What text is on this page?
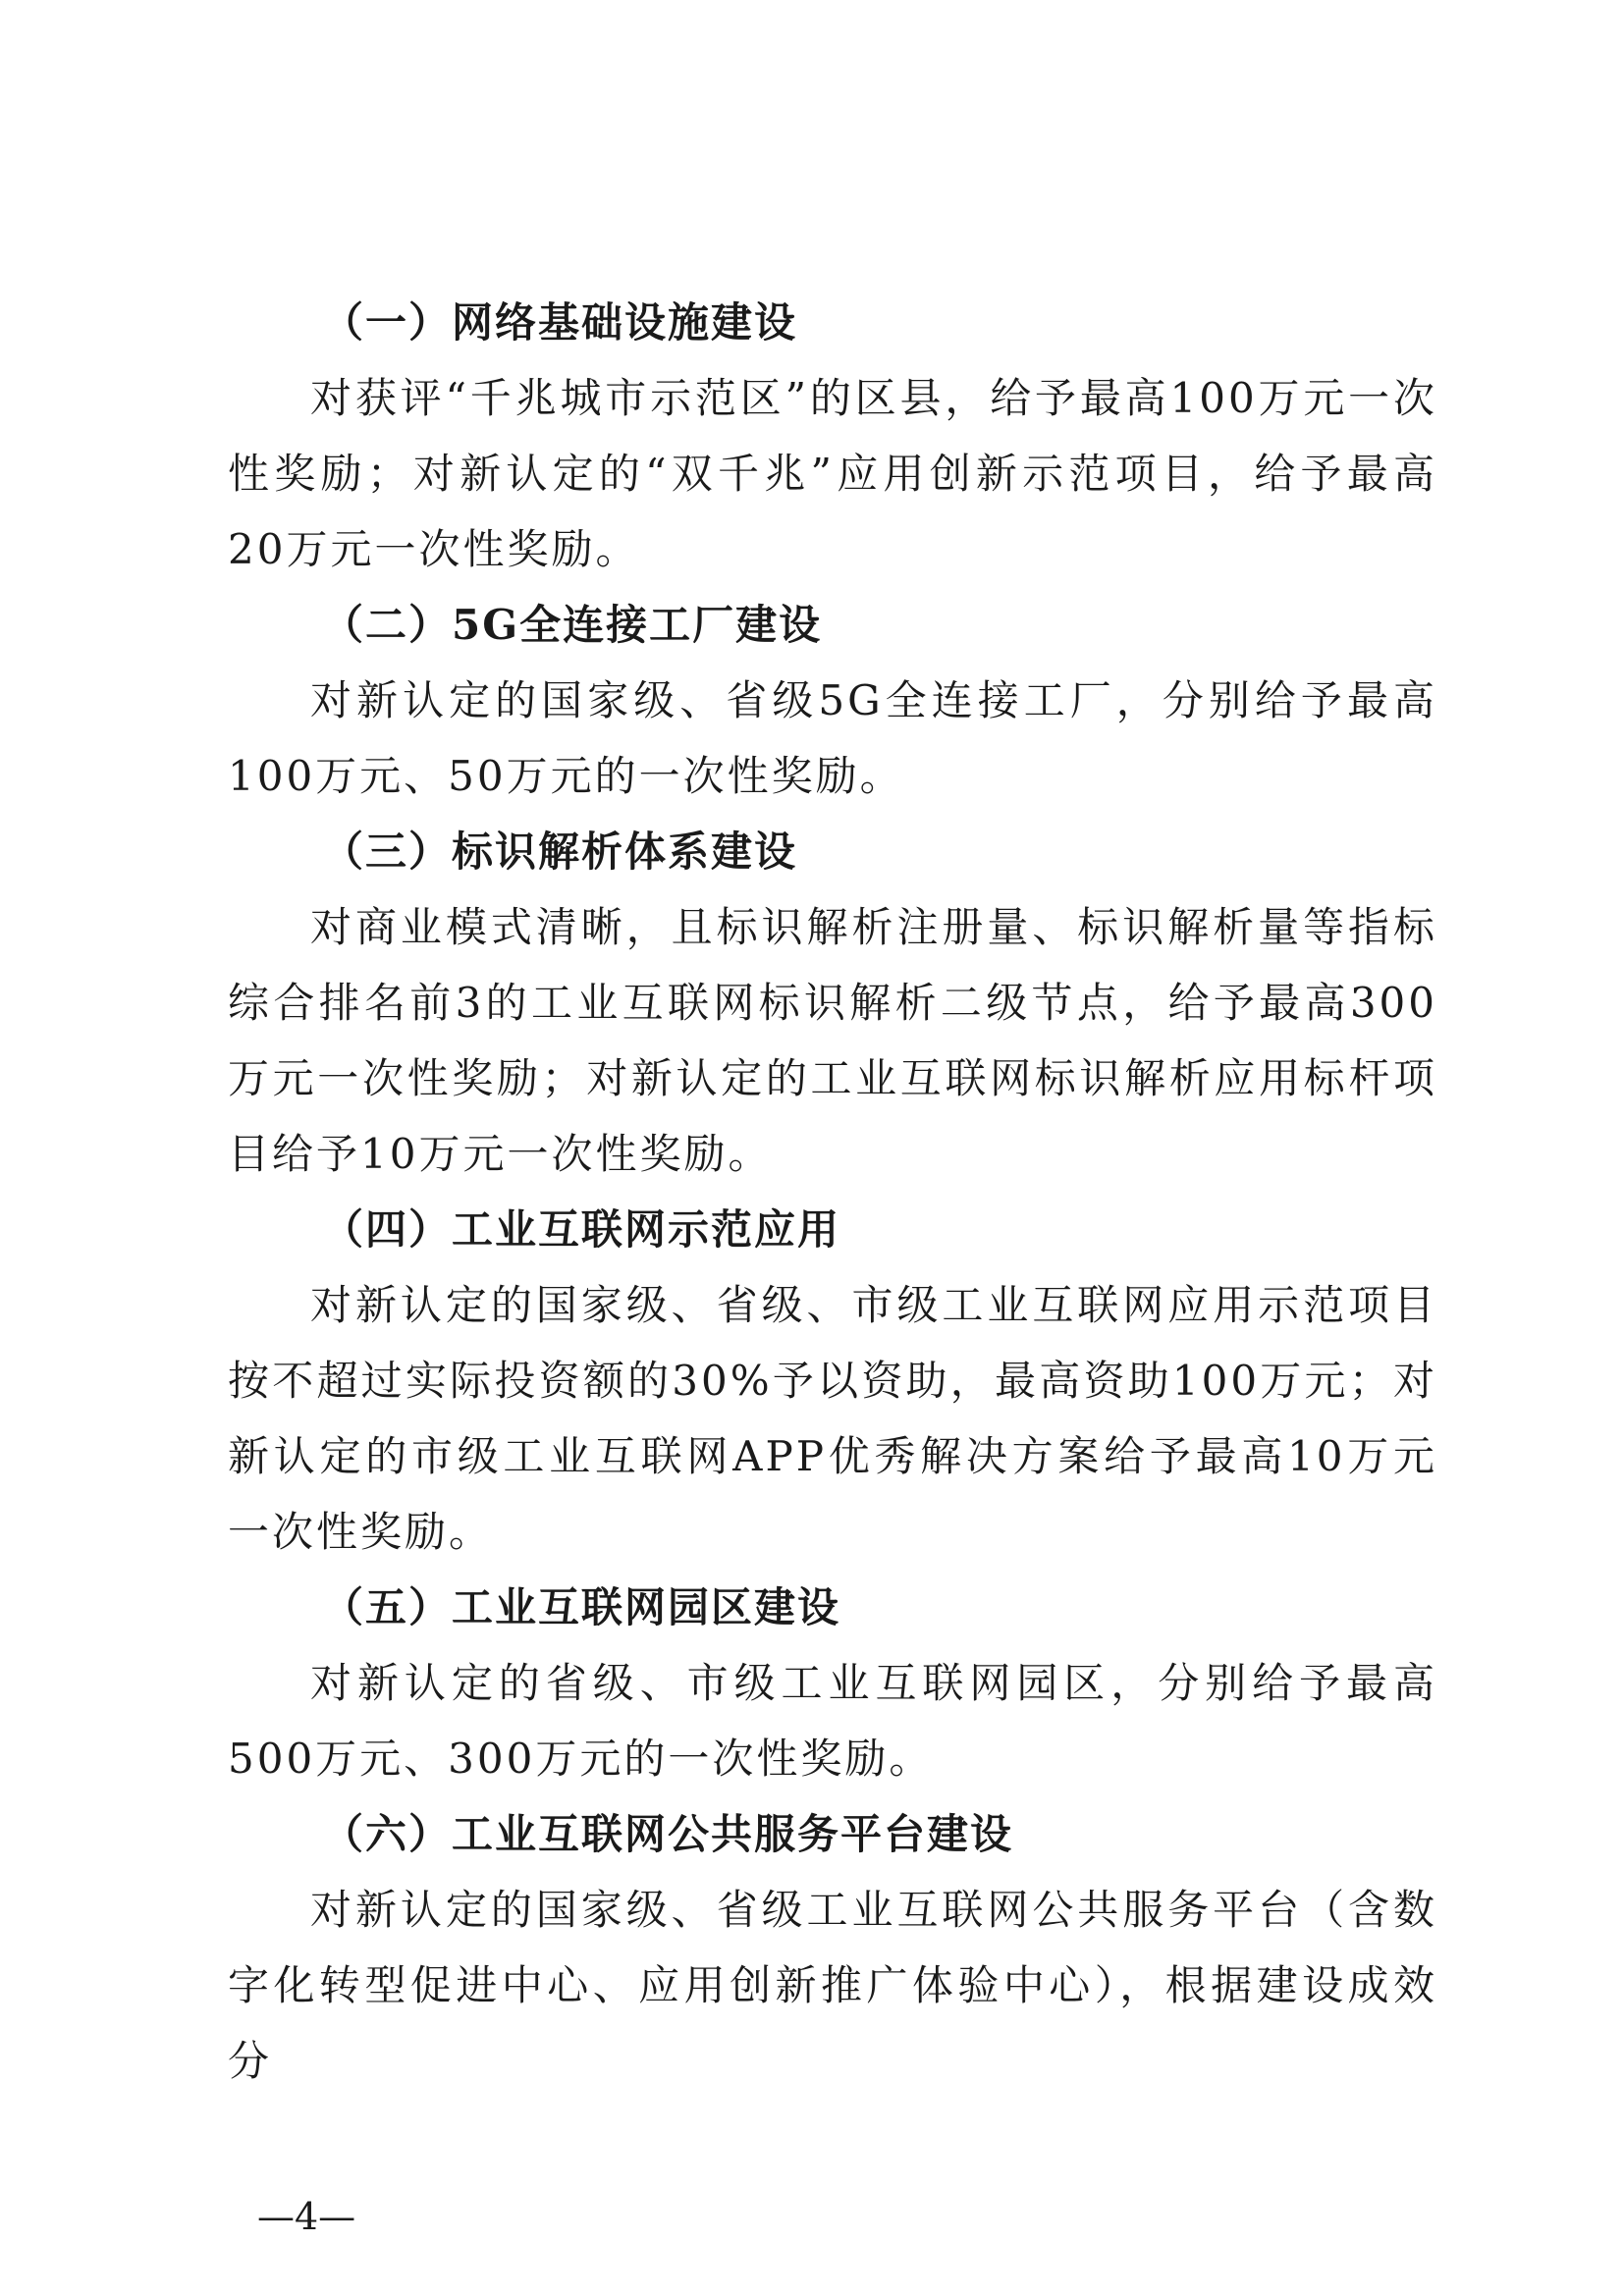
（一）网络基础设施建设

对获评“千兆城市示范区”的区县，给予最高100万元一次性奖励；对新认定的“双千兆”应用创新示范项目，给予最高20万元一次性奖励。

（二）5G全连接工厂建设

对新认定的国家级、省级5G全连接工厂，分别给予最高100万元、50万元的一次性奖励。

（三）标识解析体系建设

对商业模式清晰，且标识解析注册量、标识解析量等指标综合排名前3的工业互联网标识解析二级节点，给予最高300万元一次性奖励；对新认定的工业互联网标识解析应用标杆项目给予10万元一次性奖励。

（四）工业互联网示范应用

对新认定的国家级、省级、市级工业互联网应用示范项目按不超过实际投资额的30%予以资助，最高资助100万元；对新认定的市级工业互联网APP优秀解决方案给予最高10万元一次性奖励。

（五）工业互联网园区建设

对新认定的省级、市级工业互联网园区，分别给予最高500万元、300万元的一次性奖励。

（六）工业互联网公共服务平台建设

对新认定的国家级、省级工业互联网公共服务平台（含数字化转型促进中心、应用创新推广体验中心），根据建设成效分

—4—
